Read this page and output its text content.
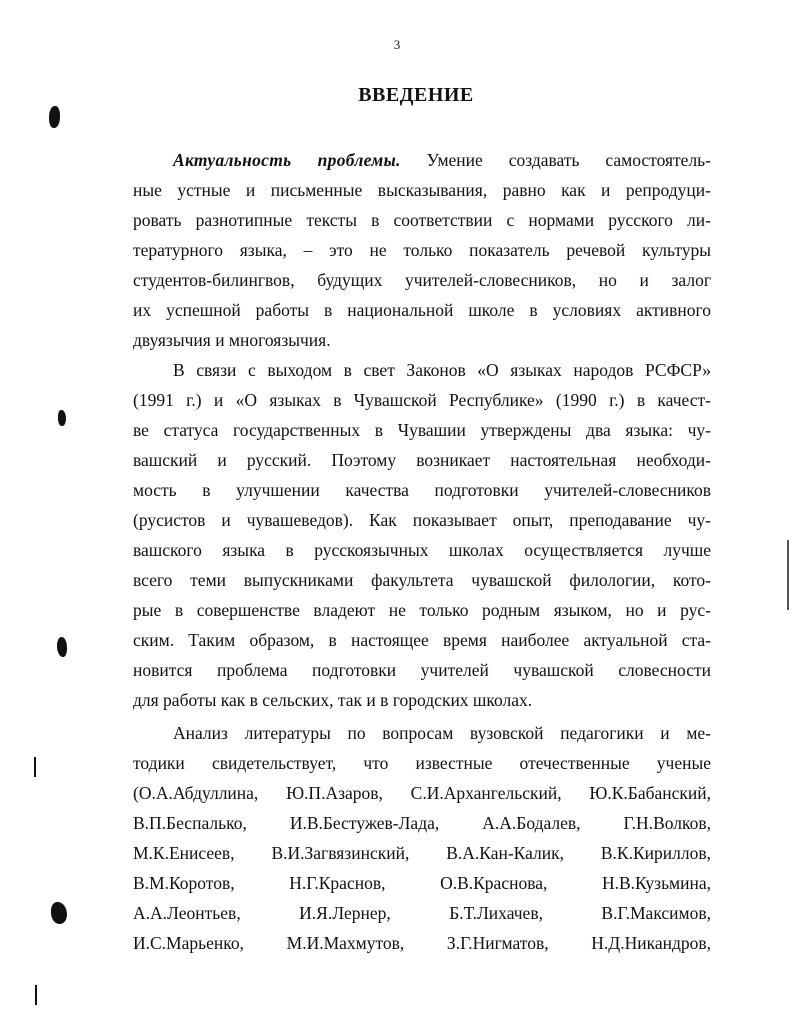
3
ВВЕДЕНИЕ
Актуальность проблемы. Умение создавать самостоятель-
ные устные и письменные высказывания, равно как и репродуци-
ровать разнотипные тексты в соответствии с нормами русского ли-
тературного языка, – это не только показатель речевой культуры
студентов-билингвов, будущих учителей-словесников, но и залог
их успешной работы в национальной школе в условиях активного
двуязычия и многоязычия.
В связи с выходом в свет Законов «О языках народов РСФСР»
(1991 г.) и «О языках в Чувашской Республике» (1990 г.) в качест-
ве статуса государственных в Чувашии утверждены два языка: чу-
вашский и русский. Поэтому возникает настоятельная необходи-
мость в улучшении качества подготовки учителей-словесников
(русистов и чувашеведов). Как показывает опыт, преподавание чу-
вашского языка в русскоязычных школах осуществляется лучше
всего теми выпускниками факультета чувашской филологии, кото-
рые в совершенстве владеют не только родным языком, но и рус-
ским. Таким образом, в настоящее время наиболее актуальной ста-
новится проблема подготовки учителей чувашской словесности
для работы как в сельских, так и в городских школах.
Анализ литературы по вопросам вузовской педагогики и ме-
тодики свидетельствует, что известные отечественные ученые
(О.А.Абдуллина, Ю.П.Азаров, С.И.Архангельский, Ю.К.Бабанский,
В.П.Беспалько, И.В.Бестужев-Лада, А.А.Бодалев, Г.Н.Волков,
М.К.Енисеев, В.И.Загвязинский, В.А.Кан-Калик, В.К.Кириллов,
В.М.Коротов, Н.Г.Краснов, О.В.Краснова, Н.В.Кузьмина,
А.А.Леонтьев, И.Я.Лернер, Б.Т.Лихачев, В.Г.Максимов,
И.С.Марьенко, М.И.Махмутов, З.Г.Нигматов, Н.Д.Никандров,
